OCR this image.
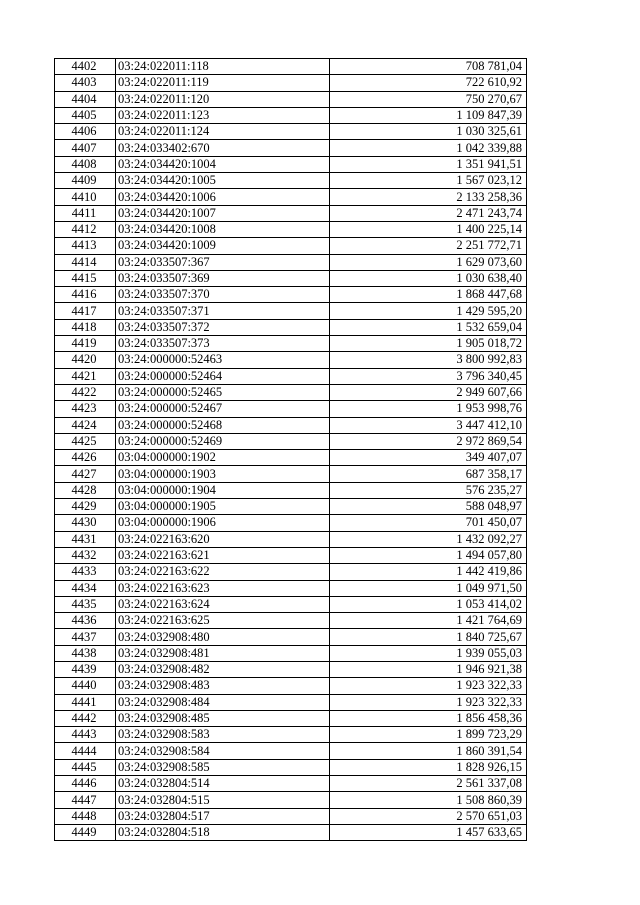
4402	03:24:022011:118	708 781,04
4403	03:24:022011:119	722 610,92
4404	03:24:022011:120	750 270,67
4405	03:24:022011:123	1 109 847,39
4406	03:24:022011:124	1 030 325,61
4407	03:24:033402:670	1 042 339,88
4408	03:24:034420:1004	1 351 941,51
4409	03:24:034420:1005	1 567 023,12
4410	03:24:034420:1006	2 133 258,36
4411	03:24:034420:1007	2 471 243,74
4412	03:24:034420:1008	1 400 225,14
4413	03:24:034420:1009	2 251 772,71
4414	03:24:033507:367	1 629 073,60
4415	03:24:033507:369	1 030 638,40
4416	03:24:033507:370	1 868 447,68
4417	03:24:033507:371	1 429 595,20
4418	03:24:033507:372	1 532 659,04
4419	03:24:033507:373	1 905 018,72
4420	03:24:000000:52463	3 800 992,83
4421	03:24:000000:52464	3 796 340,45
4422	03:24:000000:52465	2 949 607,66
4423	03:24:000000:52467	1 953 998,76
4424	03:24:000000:52468	3 447 412,10
4425	03:24:000000:52469	2 972 869,54
4426	03:04:000000:1902	349 407,07
4427	03:04:000000:1903	687 358,17
4428	03:04:000000:1904	576 235,27
4429	03:04:000000:1905	588 048,97
4430	03:04:000000:1906	701 450,07
4431	03:24:022163:620	1 432 092,27
4432	03:24:022163:621	1 494 057,80
4433	03:24:022163:622	1 442 419,86
4434	03:24:022163:623	1 049 971,50
4435	03:24:022163:624	1 053 414,02
4436	03:24:022163:625	1 421 764,69
4437	03:24:032908:480	1 840 725,67
4438	03:24:032908:481	1 939 055,03
4439	03:24:032908:482	1 946 921,38
4440	03:24:032908:483	1 923 322,33
4441	03:24:032908:484	1 923 322,33
4442	03:24:032908:485	1 856 458,36
4443	03:24:032908:583	1 899 723,29
4444	03:24:032908:584	1 860 391,54
4445	03:24:032908:585	1 828 926,15
4446	03:24:032804:514	2 561 337,08
4447	03:24:032804:515	1 508 860,39
4448	03:24:032804:517	2 570 651,03
4449	03:24:032804:518	1 457 633,65
